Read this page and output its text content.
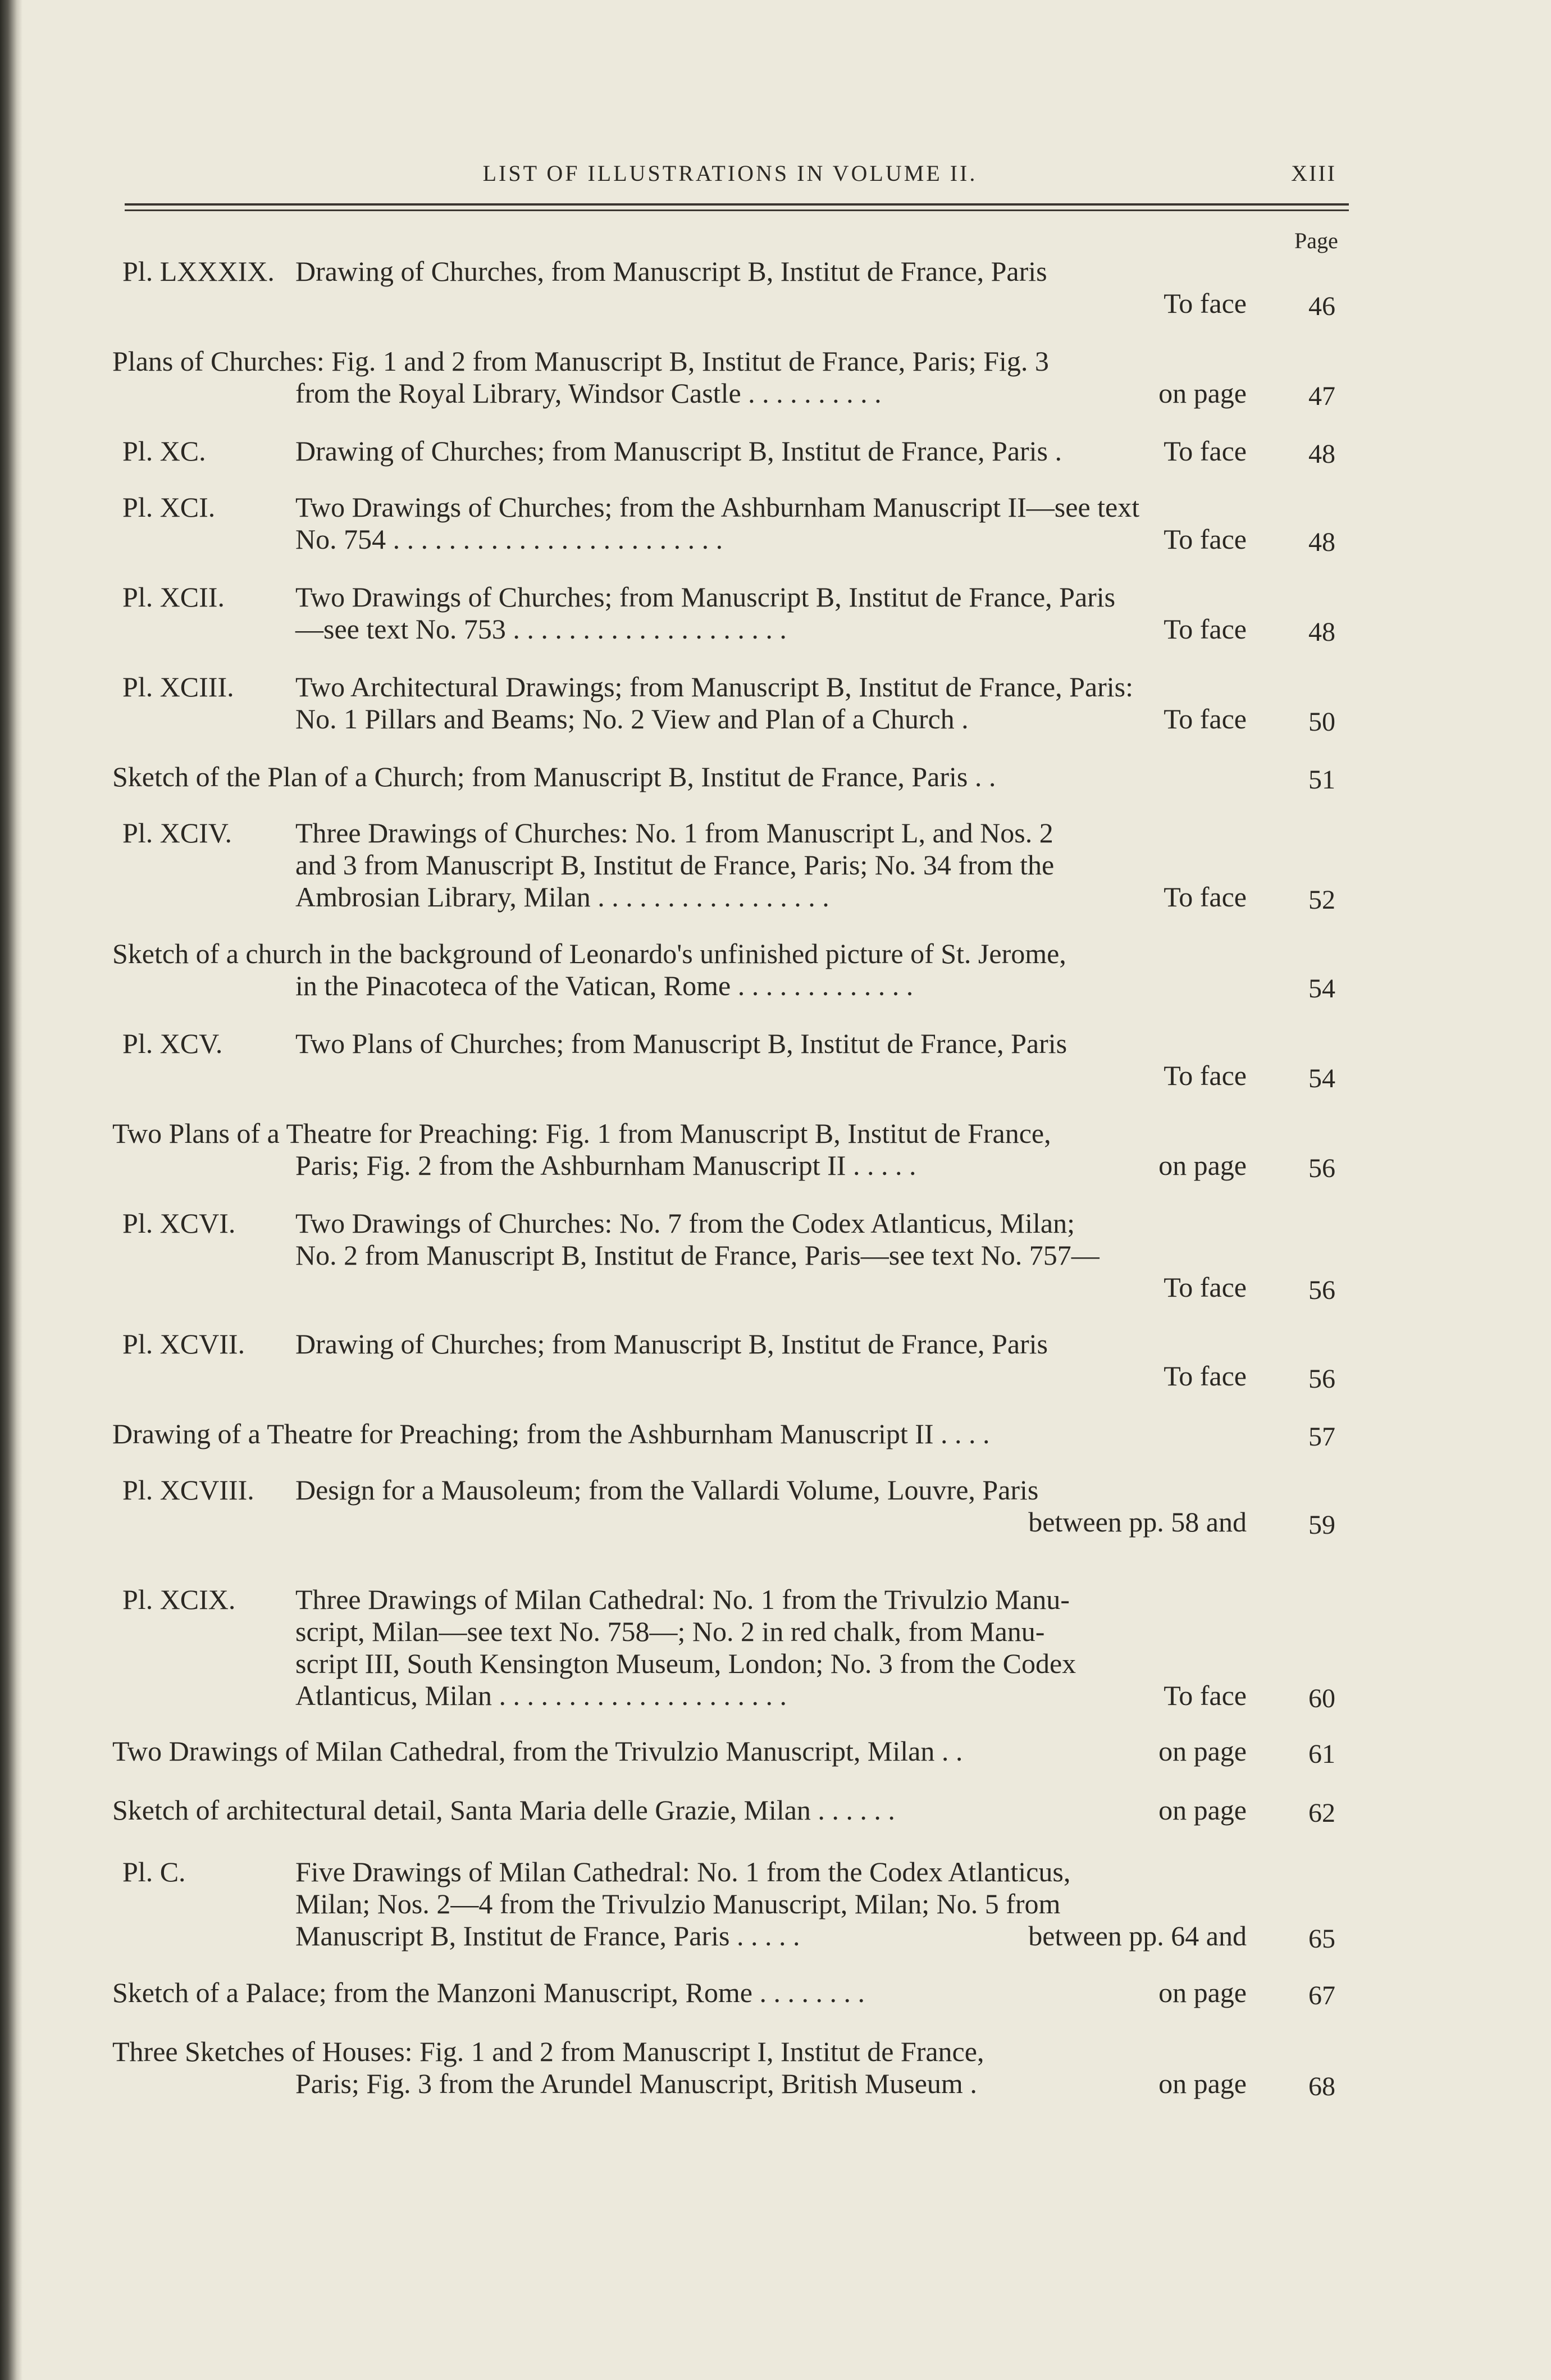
LIST OF ILLUSTRATIONS IN VOLUME II.	XIII
Page
Pl. LXXXIX. Drawing of Churches, from Manuscript B, Institut de France, Paris
To face 46
Plans of Churches: Fig. 1 and 2 from Manuscript B, Institut de France, Paris; Fig. 3
from the Royal Library, Windsor Castle . . . . . . . . . .	on page 47
Pl. XC.	Drawing of Churches; from Manuscript B, Institut de France, Paris .	To face 48
Pl. XCI.	Two Drawings of Churches; from the Ashburnham Manuscript II—see text
No. 754 . . . . . . . . . . . . . . . . . . . . . . . .	To face 48
Pl. XCII.	Two Drawings of Churches; from Manuscript B, Institut de France, Paris
—see text No. 753 . . . . . . . . . . . . . . . . . . . .	To face 48
Pl. XCIII. Two Architectural Drawings; from Manuscript B, Institut de France, Paris:
No. 1 Pillars and Beams; No. 2 View and Plan of a Church .	To face 50
Sketch of the Plan of a Church; from Manuscript B, Institut de France, Paris . .	51
Pl. XCIV. Three Drawings of Churches: No. 1 from Manuscript L, and Nos. 2
and 3 from Manuscript B, Institut de France, Paris; No. 34 from the
Ambrosian Library, Milan . . . . . . . . . . . . . . . . .	To face 52
Sketch of a church in the background of Leonardo's unfinished picture of St. Jerome,
in the Pinacoteca of the Vatican, Rome . . . . . . . . . . . . .	54
Pl. XCV.	Two Plans of Churches; from Manuscript B, Institut de France, Paris
To face 54
Two Plans of a Theatre for Preaching: Fig. 1 from Manuscript B, Institut de France,
Paris; Fig. 2 from the Ashburnham Manuscript II . . . . .	on page 56
Pl. XCVI. Two Drawings of Churches: No. 7 from the Codex Atlanticus, Milan;
No. 2 from Manuscript B, Institut de France, Paris—see text No. 757—
To face 56
Pl. XCVII. Drawing of Churches; from Manuscript B, Institut de France, Paris
To face 56
Drawing of a Theatre for Preaching; from the Ashburnham Manuscript II . . . .	57
Pl. XCVIII. Design for a Mausoleum; from the Vallardi Volume, Louvre, Paris
between pp. 58 and 59
Pl. XCIX. Three Drawings of Milan Cathedral: No. 1 from the Trivulzio Manu-
script, Milan—see text No. 758—; No. 2 in red chalk, from Manu-
script III, South Kensington Museum, London; No. 3 from the Codex
Atlanticus, Milan . . . . . . . . . . . . . . . . . . . . .	To face 60
Two Drawings of Milan Cathedral, from the Trivulzio Manuscript, Milan . .	on page 61
Sketch of architectural detail, Santa Maria delle Grazie, Milan . . . . . .	on page 62
Pl. C.	Five Drawings of Milan Cathedral: No. 1 from the Codex Atlanticus,
Milan; Nos. 2—4 from the Trivulzio Manuscript, Milan; No. 5 from
Manuscript B, Institut de France, Paris . . . . .	between pp. 64 and 65
Sketch of a Palace; from the Manzoni Manuscript, Rome . . . . . . . .	on page 67
Three Sketches of Houses: Fig. 1 and 2 from Manuscript I, Institut de France,
Paris; Fig. 3 from the Arundel Manuscript, British Museum .	on page 68
